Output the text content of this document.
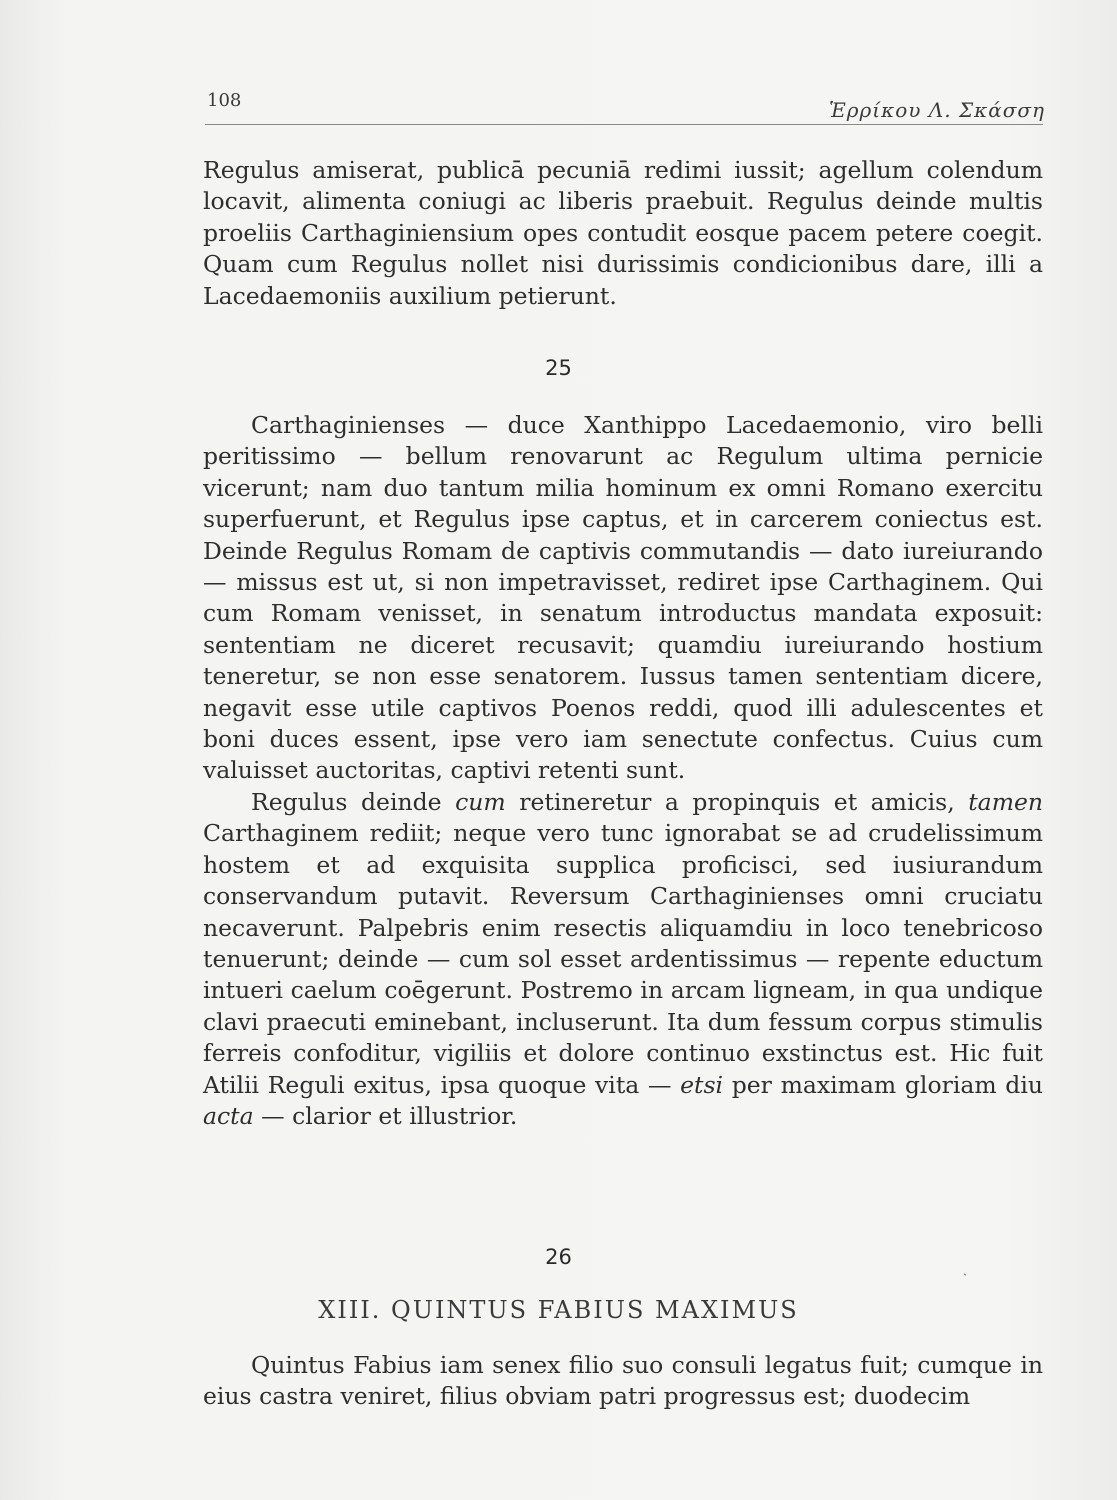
108	Ἑρρίκου Λ. Σκάσση

Regulus amiserat, publicā pecuniā redimi iussit; agellum colendum locavit, alimenta coniugi ac liberis praebuit. Regulus deinde multis proeliis Carthaginiensium opes contudit eosque pacem petere coegit. Quam cum Regulus nollet nisi durissimis condicionibus dare, illi a Lacedaemoniis auxilium petierunt.

25

Carthaginienses — duce Xanthippo Lacedaemonio, viro belli peritissimo — bellum renovarunt ac Regulum ultima pernicie vicerunt; nam duo tantum milia hominum ex omni Romano exercitu superfuerunt, et Regulus ipse captus, et in carcerem coniectus est. Deinde Regulus Romam de captivis commutandis — dato iureiurando — missus est ut, si non impetravisset, rediret ipse Carthaginem. Qui cum Romam venisset, in senatum introductus mandata exposuit: sententiam ne diceret recusavit; quamdiu iureiurando hostium teneretur, se non esse senatorem. Iussus tamen sententiam dicere, negavit esse utile captivos Poenos reddi, quod illi adulescentes et boni duces essent, ipse vero iam senectute confectus. Cuius cum valuisset auctoritas, captivi retenti sunt.

Regulus deinde cum retineretur a propinquis et amicis, tamen Carthaginem rediit; neque vero tunc ignorabat se ad crudelissimum hostem et ad exquisita supplica proficisci, sed iusiurandum conservandum putavit. Reversum Carthaginienses omni cruciatu necaverunt. Palpebris enim resectis aliquamdiu in loco tenebricoso tenuerunt; deinde — cum sol esset ardentissimus — repente eductum intueri caelum coēgerunt. Postremo in arcam ligneam, in qua undique clavi praecuti eminebant, incluserunt. Ita dum fessum corpus stimulis ferreis confoditur, vigiliis et dolore continuo exstinctus est. Hic fuit Atilii Reguli exitus, ipsa quoque vita — etsi per maximam gloriam diu acta — clarior et illustrior.

26	ˎ
XIII. QUINTUS FABIUS MAXIMUS

Quintus Fabius iam senex filio suo consuli legatus fuit; cumque in eius castra veniret, filius obviam patri progressus est; duodecim
